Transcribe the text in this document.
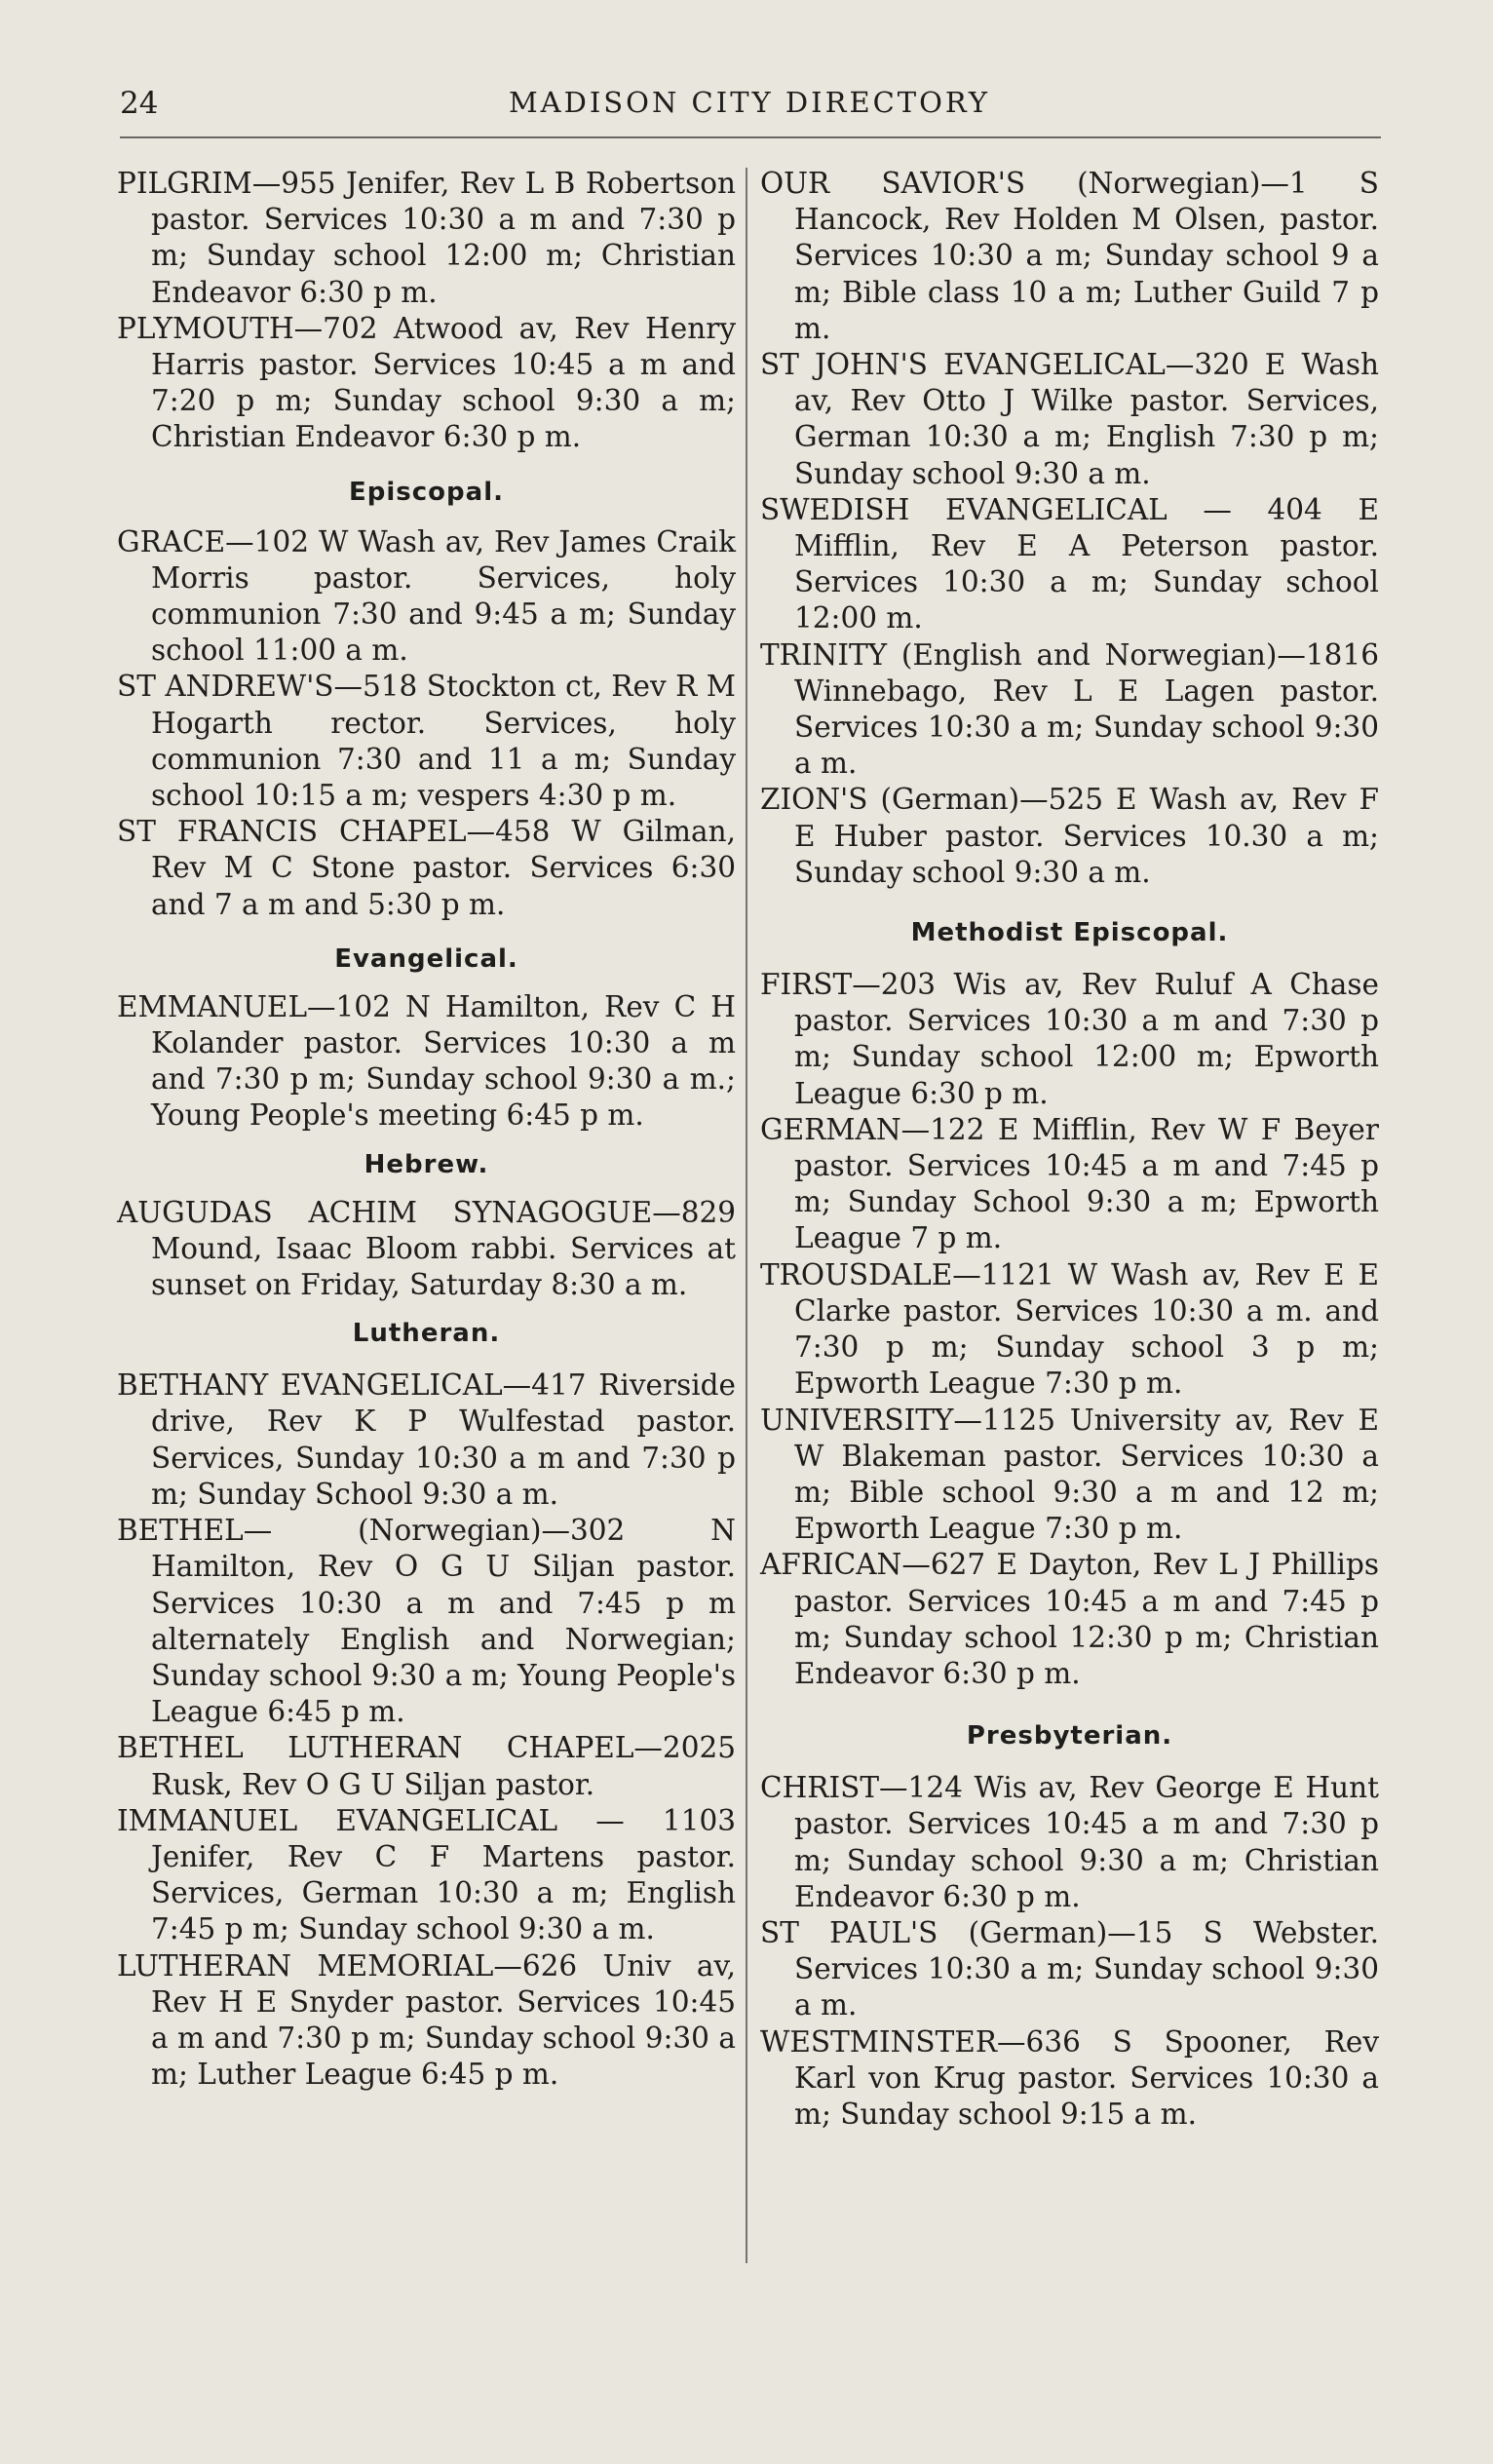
24	MADISON CITY DIRECTORY

PILGRIM—955 Jenifer, Rev L B Robertson pastor. Services 10:30 a m and 7:30 p m; Sunday school 12:00 m; Christian Endeavor 6:30 p m.

PLYMOUTH—702 Atwood av, Rev Henry Harris pastor. Services 10:45 a m and 7:20 p m; Sunday school 9:30 a m; Christian Endeavor 6:30 p m.

Episcopal.

GRACE—102 W Wash av, Rev James Craik Morris pastor. Services, holy communion 7:30 and 9:45 a m; Sunday school 11:00 a m.

ST ANDREW'S—518 Stockton ct, Rev R M Hogarth rector. Services, holy communion 7:30 and 11 a m; Sunday school 10:15 a m; vespers 4:30 p m.

ST FRANCIS CHAPEL—458 W Gilman, Rev M C Stone pastor. Services 6:30 and 7 a m and 5:30 p m.

Evangelical.

EMMANUEL—102 N Hamilton, Rev C H Kolander pastor. Services 10:30 a m and 7:30 p m; Sunday school 9:30 a m.; Young People's meeting 6:45 p m.

Hebrew.

AUGUDAS ACHIM SYNAGOGUE—829 Mound, Isaac Bloom rabbi. Services at sunset on Friday, Saturday 8:30 a m.

Lutheran.

BETHANY EVANGELICAL—417 Riverside drive, Rev K P Wulfestad pastor. Services, Sunday 10:30 a m and 7:30 p m; Sunday School 9:30 a m.

BETHEL— (Norwegian)—302 N Hamilton, Rev O G U Siljan pastor. Services 10:30 a m and 7:45 p m alternately English and Norwegian; Sunday school 9:30 a m; Young People's League 6:45 p m.

BETHEL LUTHERAN CHAPEL—2025 Rusk, Rev O G U Siljan pastor.

IMMANUEL EVANGELICAL — 1103 Jenifer, Rev C F Martens pastor. Services, German 10:30 a m; English 7:45 p m; Sunday school 9:30 a m.

LUTHERAN MEMORIAL—626 Univ av, Rev H E Snyder pastor. Services 10:45 a m and 7:30 p m; Sunday school 9:30 a m; Luther League 6:45 p m.

OUR SAVIOR'S (Norwegian)—1 S Hancock, Rev Holden M Olsen, pastor. Services 10:30 a m; Sunday school 9 a m; Bible class 10 a m; Luther Guild 7 p m.

ST JOHN'S EVANGELICAL—320 E Wash av, Rev Otto J Wilke pastor. Services, German 10:30 a m; English 7:30 p m; Sunday school 9:30 a m.

SWEDISH EVANGELICAL — 404 E Mifflin, Rev E A Peterson pastor. Services 10:30 a m; Sunday school 12:00 m.

TRINITY (English and Norwegian)—1816 Winnebago, Rev L E Lagen pastor. Services 10:30 a m; Sunday school 9:30 a m.

ZION'S (German)—525 E Wash av, Rev F E Huber pastor. Services 10.30 a m; Sunday school 9:30 a m.

Methodist Episcopal.

FIRST—203 Wis av, Rev Ruluf A Chase pastor. Services 10:30 a m and 7:30 p m; Sunday school 12:00 m; Epworth League 6:30 p m.

GERMAN—122 E Mifflin, Rev W F Beyer pastor. Services 10:45 a m and 7:45 p m; Sunday School 9:30 a m; Epworth League 7 p m.

TROUSDALE—1121 W Wash av, Rev E E Clarke pastor. Services 10:30 a m. and 7:30 p m; Sunday school 3 p m; Epworth League 7:30 p m.

UNIVERSITY—1125 University av, Rev E W Blakeman pastor. Services 10:30 a m; Bible school 9:30 a m and 12 m; Epworth League 7:30 p m.

AFRICAN—627 E Dayton, Rev L J Phillips pastor. Services 10:45 a m and 7:45 p m; Sunday school 12:30 p m; Christian Endeavor 6:30 p m.

Presbyterian.

CHRIST—124 Wis av, Rev George E Hunt pastor. Services 10:45 a m and 7:30 p m; Sunday school 9:30 a m; Christian Endeavor 6:30 p m.

ST PAUL'S (German)—15 S Webster. Services 10:30 a m; Sunday school 9:30 a m.

WESTMINSTER—636 S Spooner, Rev Karl von Krug pastor. Services 10:30 a m; Sunday school 9:15 a m.
